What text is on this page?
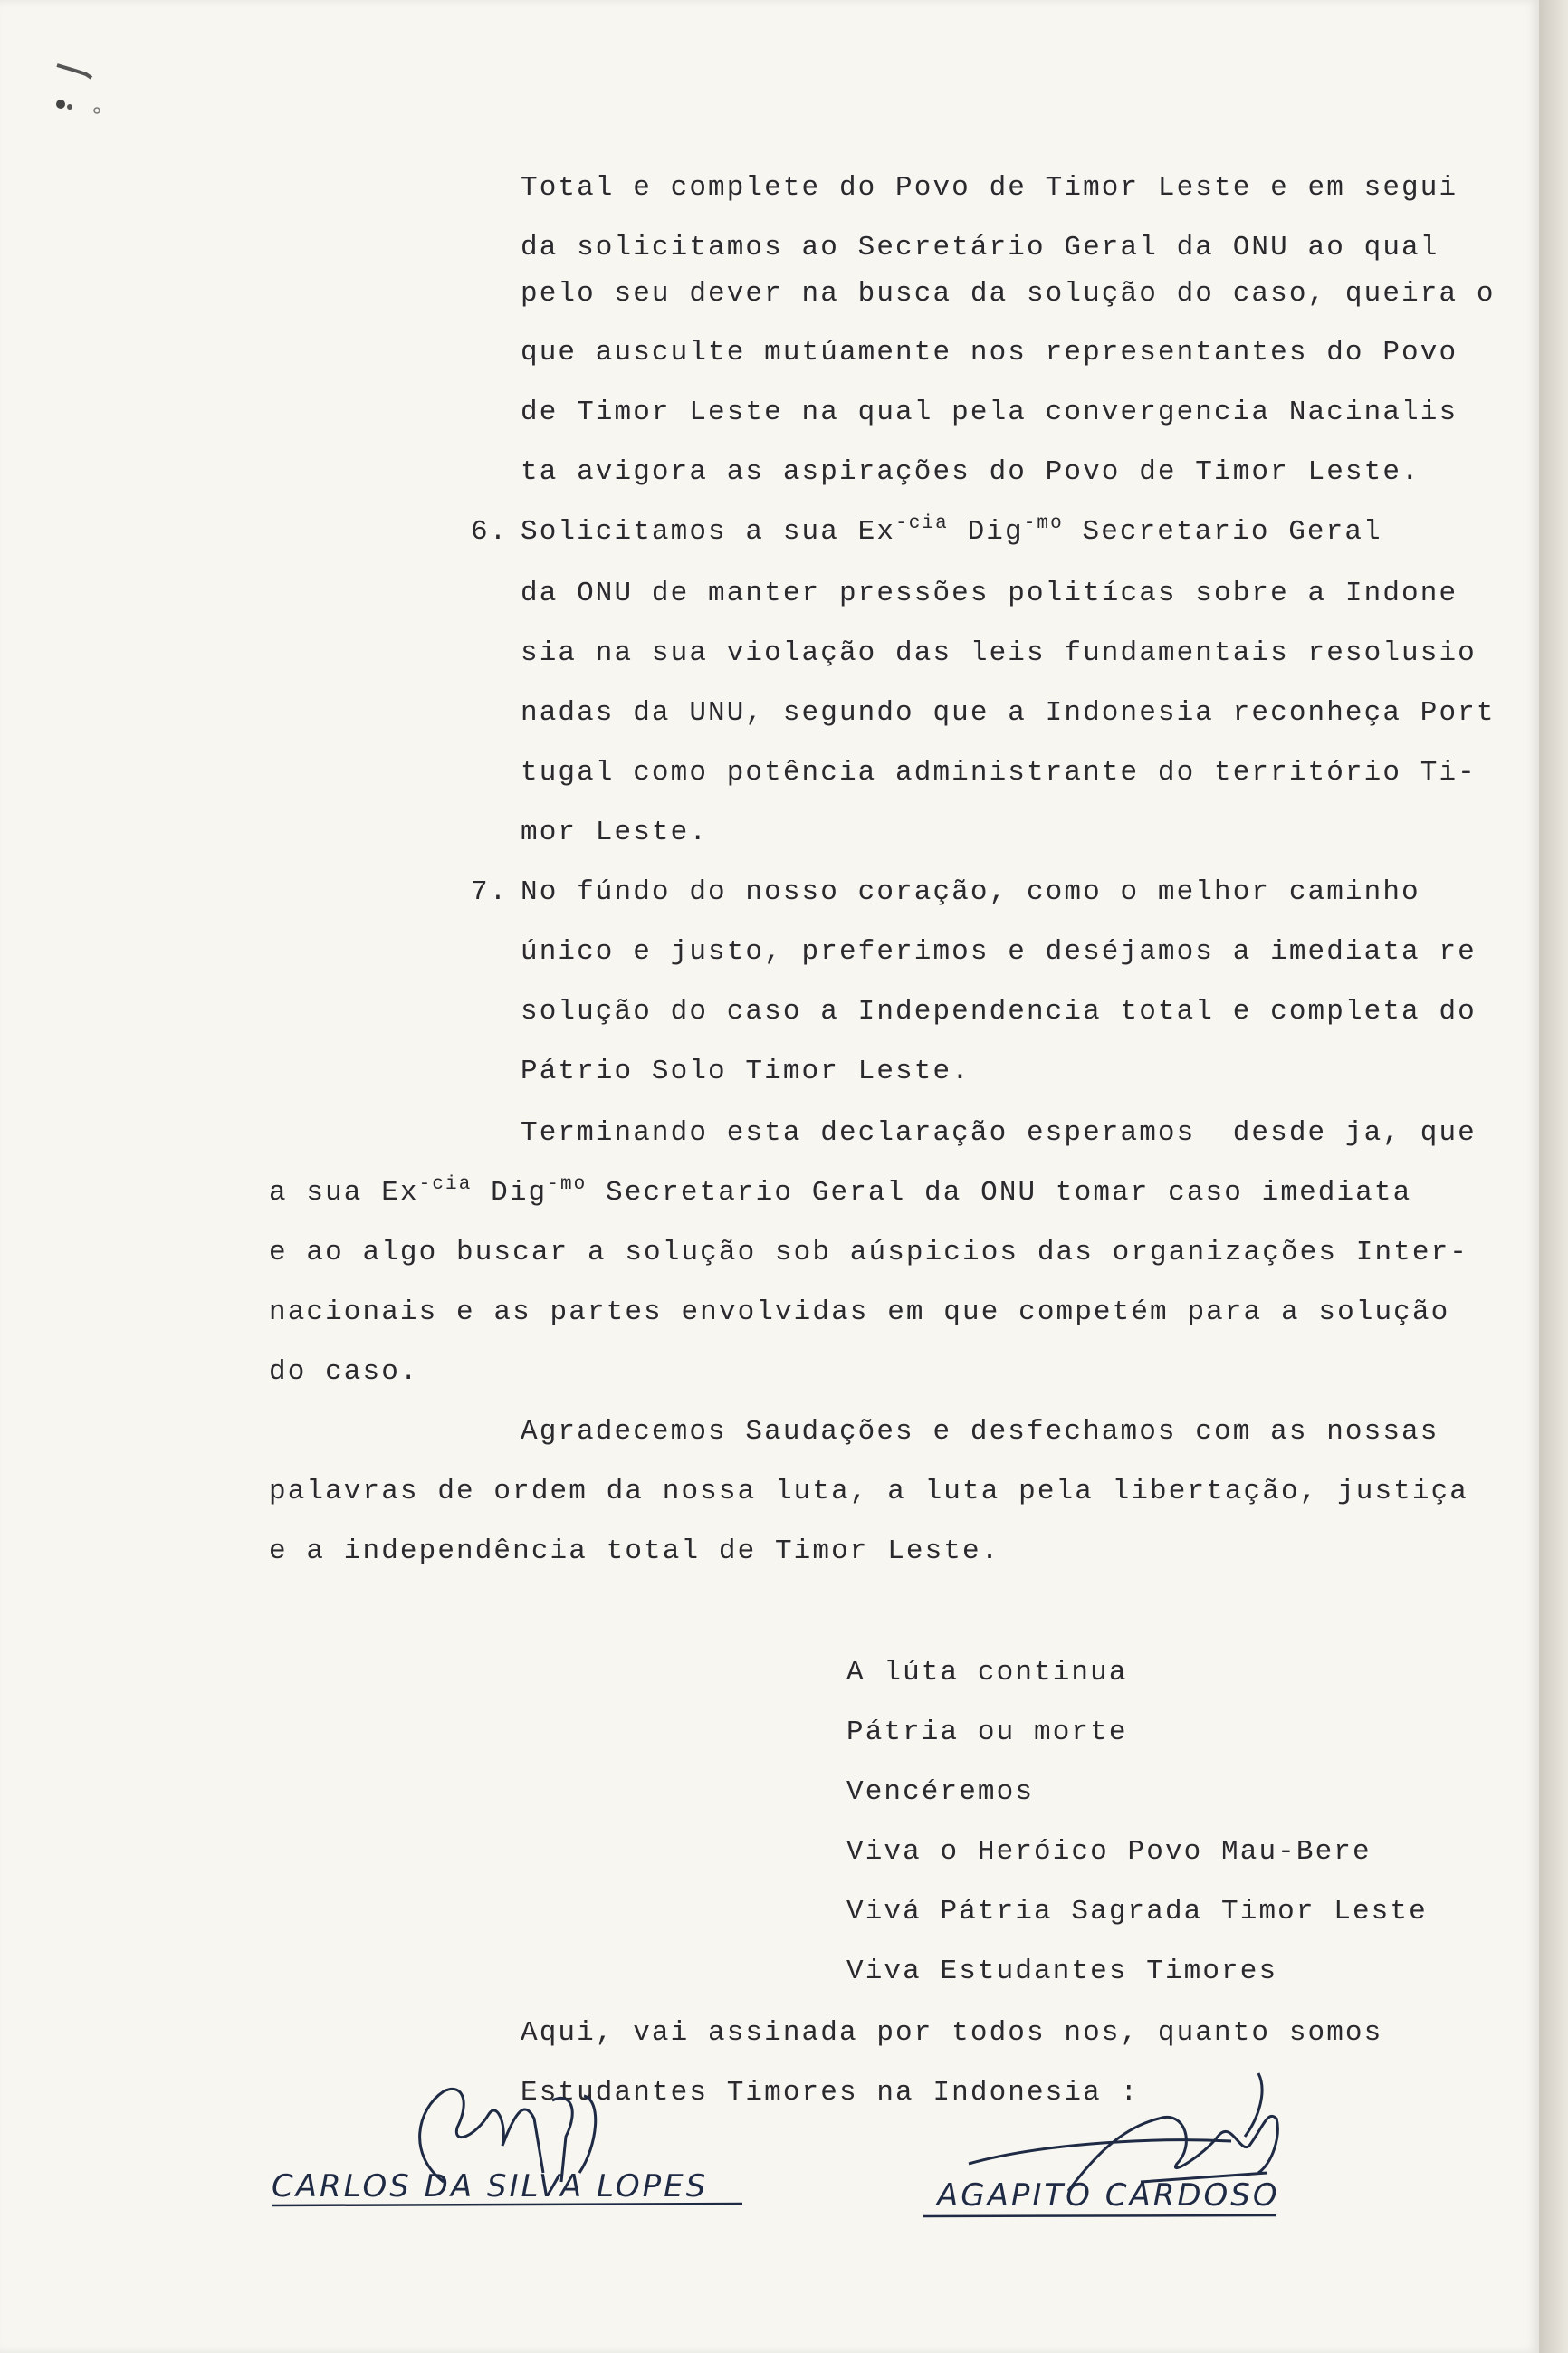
Total e complete do Povo de Timor Leste e em segui
da solicitamos ao Secretário Geral da ONU ao qual
pelo seu dever na busca da solução do caso, queira o
que ausculte mutúamente nos representantes do Povo
de Timor Leste na qual pela convergencia Nacinalis
ta avigora as aspirações do Povo de Timor Leste.
6. Solicitamos a sua $Ex^{-cia}$ Dig$^{-mo}$ Secretario Geral
da ONU de manter pressões politícas sobre a Indone
sia na sua violação das leis fundamentais resolusio
nadas da UNU, segundo que a Indonesia reconheça Port
tugal como potência administrante do território Ti-
mor Leste.
7. No fúndo do nosso coração, como o melhor caminho
único e justo, preferimos e deséjamos a imediata re
solução do caso a Independencia total e completa do
Pátrio Solo Timor Leste.
Terminando esta declaração esperamos  desde ja, que
a sua $Ex^{-cia}$ Dig$^{-mo}$ Secretario Geral da ONU tomar caso imediata
e ao algo buscar a solução sob aúspicios das organizações Inter-
nacionais e as partes envolvidas em que competém para a solução
do caso.
Agradecemos Saudações e desfechamos com as nossas
palavras de ordem da nossa luta, a luta pela libertação, justiça
e a independência total de Timor Leste.
A lúta continua
Pátria ou morte
Vencéremos
Viva o Heróico Povo Mau-Bere
Vivá Pátria Sagrada Timor Leste
Viva Estudantes Timores
Aqui, vai assinada por todos nos, quanto somos
Estudantes Timores na Indonesia :
CARLOS DA SILVA LOPES	AGAPITO CARDOSO
